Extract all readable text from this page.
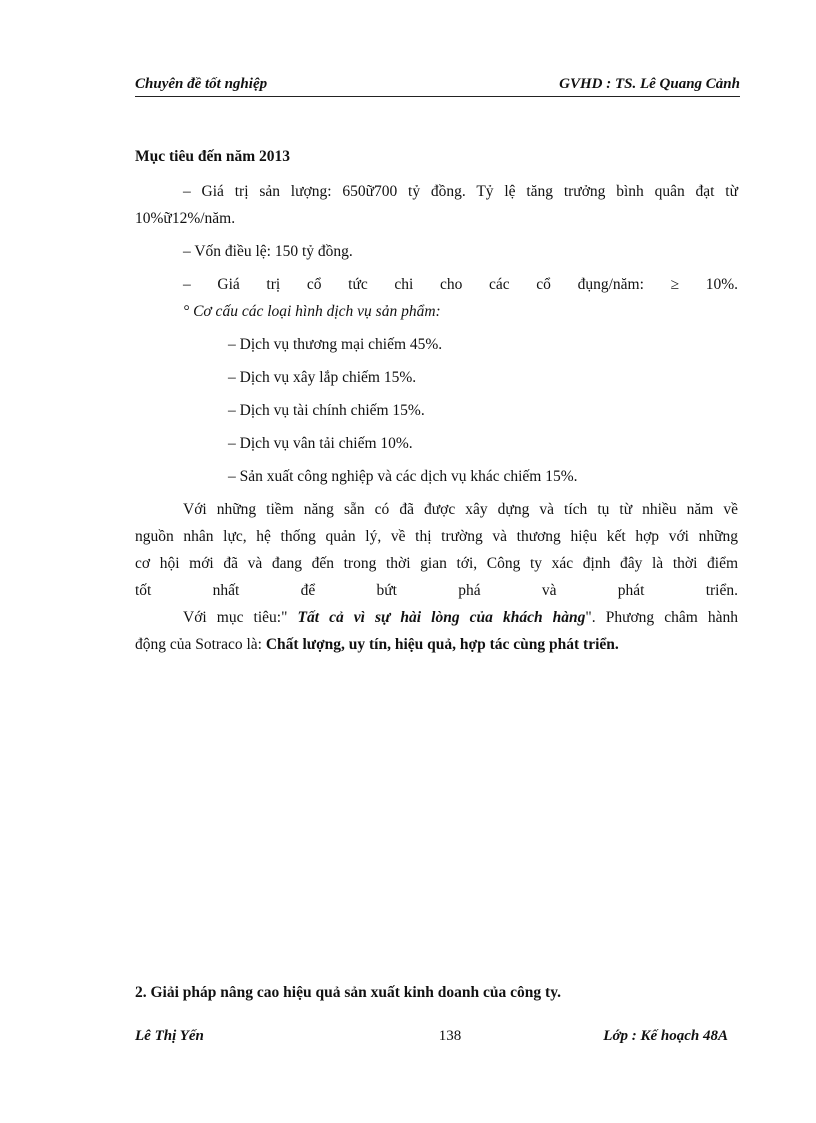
Chuyên đề tốt nghiệp	GVHD : TS. Lê Quang Cảnh

Mục tiêu đến năm 2013

– Giá trị sản lượng: 650ữ700 tỷ đồng. Tỷ lệ tăng trưởng bình quân đạt từ

10%ữ12%/năm.

– Vốn điều lệ: 150 tỷ đồng.

– Giá trị cổ tức chi cho các cổ đụng/năm: ≥ 10%.

° Cơ cấu các loại hình dịch vụ sản phẩm:

– Dịch vụ thương mại chiếm 45%.
– Dịch vụ xây lắp chiếm 15%.
– Dịch vụ tài chính chiếm 15%.
– Dịch vụ vân tải chiếm 10%.
– Sản xuất công nghiệp và các dịch vụ khác chiếm 15%.

Với những tiềm năng sẵn có đã được xây dựng và tích tụ từ nhiều năm về

nguồn nhân lực, hệ thống quản lý, về thị trường và thương hiệu kết hợp với những

cơ hội mới đã và đang đến trong thời gian tới, Công ty xác định đây là thời điểm

tốt nhất để bứt phá và phát triển.

Với mục tiêu:" Tất cả vì sự hài lòng của khách hàng". Phương châm hành

động của Sotraco là: Chất lượng, uy tín, hiệu quả, hợp tác cùng phát triển.

2. Giải pháp nâng cao hiệu quả sản xuất kinh doanh của công ty.
Lê Thị Yến	138	Lớp : Kế hoạch 48A
